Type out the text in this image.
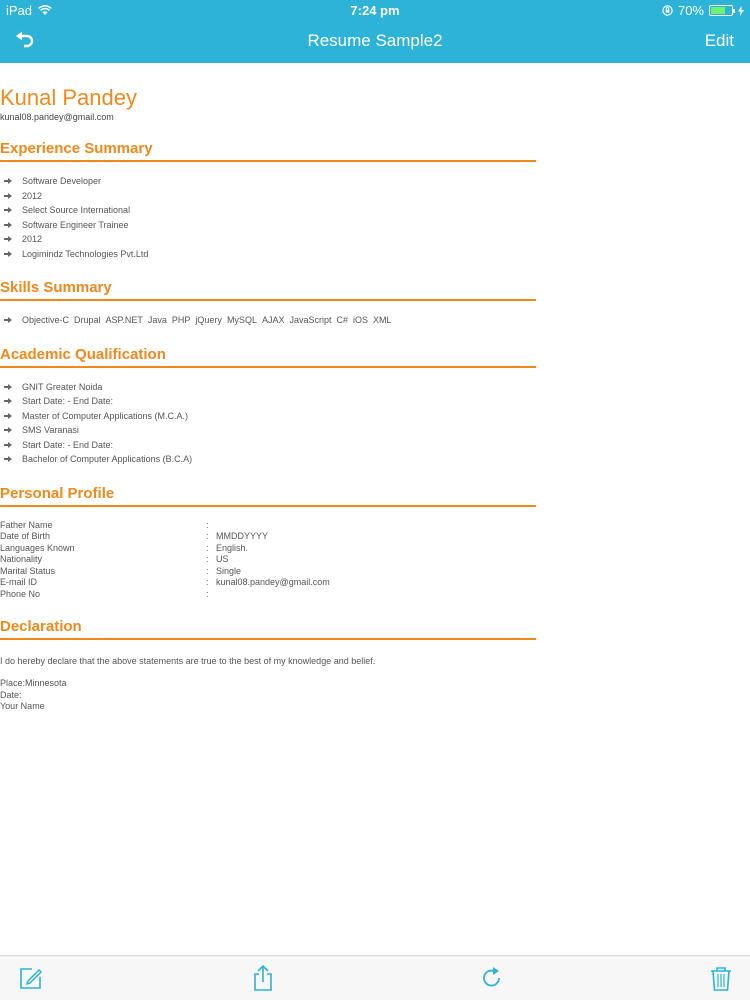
iPad	7:24 pm	70%
Resume Sample2	Edit
Kunal Pandey
kunal08.pandey@gmail.com
Experience Summary
Software Developer
2012
Select Source International
Software Engineer Trainee
2012
Logimindz Technologies Pvt.Ltd
Skills Summary
Objective-C Drupal ASP.NET Java PHP jQuery MySQL AJAX JavaScript C# iOS XML
Academic Qualification
GNIT Greater Noida
Start Date: - End Date:
Master of Computer Applications (M.C.A.)
SMS Varanasi
Start Date: - End Date:
Bachelor of Computer Applications (B.C.A)
Personal Profile
Father Name	:
Date of Birth	: MMDDYYYY
Languages Known	: English.
Nationality	: US
Marital Status	: Single
E-mail ID	: kunal08.pandey@gmail.com
Phone No	:
Declaration
I do hereby declare that the above statements are true to the best of my knowledge and belief.
Place:Minnesota
Date:
Your Name
